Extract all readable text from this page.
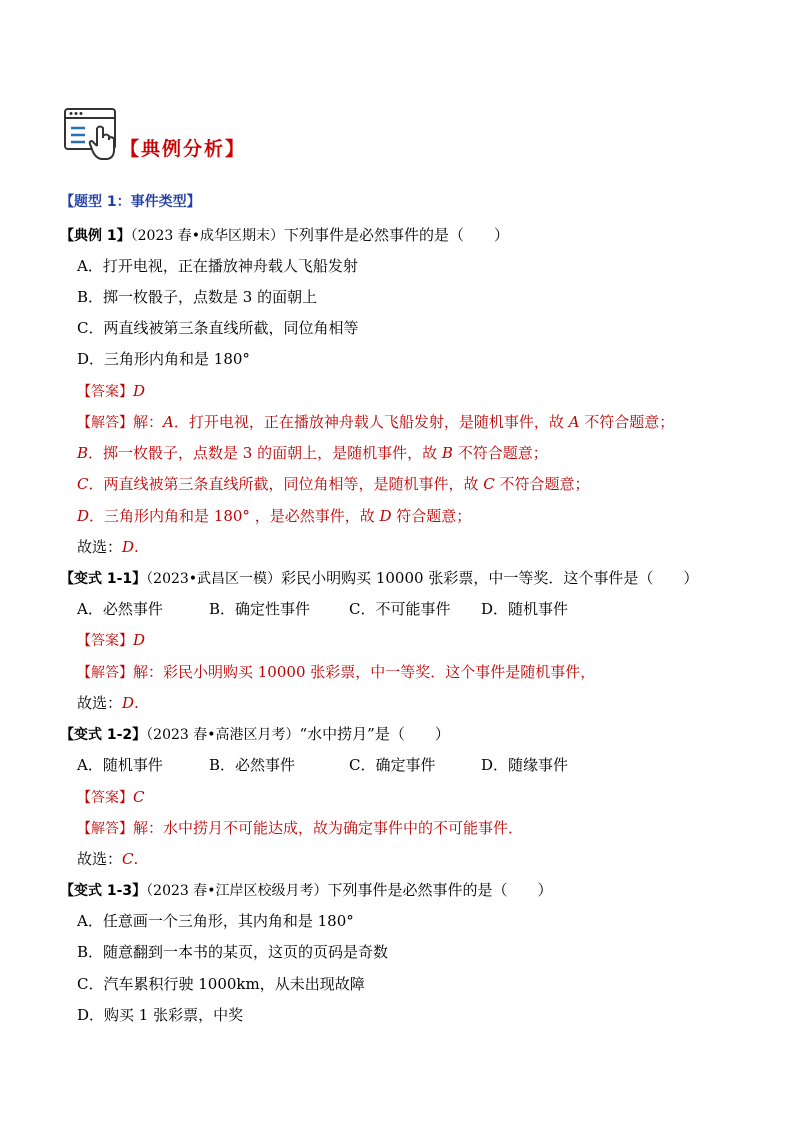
【典例分析】
【题型 1：事件类型】
【典例 1】（2023 春•成华区期末）下列事件是必然事件的是（　　）
A．打开电视，正在播放神舟载人飞船发射
B．掷一枚骰子，点数是 3 的面朝上
C．两直线被第三条直线所截，同位角相等
D．三角形内角和是 180°
【答案】D
【解答】解：A．打开电视，正在播放神舟载人飞船发射，是随机事件，故 A 不符合题意；
B．掷一枚骰子，点数是 3 的面朝上，是随机事件，故 B 不符合题意；
C．两直线被第三条直线所截，同位角相等，是随机事件，故 C 不符合题意；
D．三角形内角和是 180° ，是必然事件，故 D 符合题意；
故选：D.
【变式 1-1】（2023•武昌区一模）彩民小明购买 10000 张彩票，中一等奖．这个事件是（　　）
A．必然事件	B．确定性事件	C．不可能事件 D．随机事件
【答案】D
【解答】解：彩民小明购买 10000 张彩票，中一等奖．这个事件是随机事件，
故选：D.
【变式 1-2】（2023 春•高港区月考）“水中捞月”是（　　）
A．随机事件	B．必然事件	C．确定事件	D．随缘事件
【答案】C
【解答】解：水中捞月不可能达成，故为确定事件中的不可能事件．
故选：C.
【变式 1-3】（2023 春•江岸区校级月考）下列事件是必然事件的是（　　）
A．任意画一个三角形，其内角和是 180°
B．随意翻到一本书的某页，这页的页码是奇数
C．汽车累积行驶 1000km，从未出现故障
D．购买 1 张彩票，中奖
